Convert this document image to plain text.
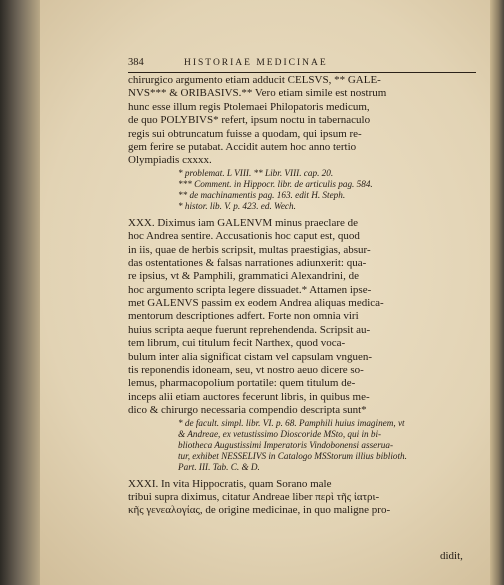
384	HISTORIAE MEDICINAE
chirurgico argumento etiam adducit CELSVS, ** GALE-
NVS*** & ORIBASIVS.** Vero etiam simile est nostrum
hunc esse illum regis Ptolemaei Philopatoris medicum,
de quo POLYBIVS* refert, ipsum noctu in tabernaculo
regis sui obtruncatum fuisse a quodam, qui ipsum re-
gem ferire se putabat. Accidit autem hoc anno tertio
Olympiadis cxxxx.
* problemat. L VIII. ** Libr. VIII. cap. 20.
*** Comment. in Hippocr. libr. de articulis pag. 584.
** de machinamentis pag. 163. edit H. Steph.
* histor. lib. V. p. 423. ed. Wech.
XXX. Diximus iam GALENVM minus praeclare de
hoc Andrea sentire. Accusationis hoc caput est, quod
in iis, quae de herbis scripsit, multas praestigias, absur-
das ostentationes & falsas narrationes adiunxerit: qua-
re ipsius, vt & Pamphili, grammatici Alexandrini, de
hoc argumento scripta legere dissuadet.* Attamen ipse-
met GALENVS passim ex eodem Andrea aliquas medica-
mentorum descriptiones adfert. Forte non omnia viri
huius scripta aeque fuerunt reprehendenda. Scripsit au-
tem librum, cui titulum fecit Narthex, quod voca-
bulum inter alia significat cistam vel capsulam vnguen-
tis reponendis idoneam, seu, vt nostro aeuo dicere so-
lemus, pharmacopolium portatile: quem titulum de-
inceps alii etiam auctores fecerunt libris, in quibus me-
dico & chirurgo necessaria compendio descripta sunt*
* de facult. simpl. libr. VI. p. 68. Pamphili huius imaginem, vt
& Andreae, ex vetustissimo Dioscoride MSto, qui in bi-
bliotheca Augustissimi Imperatoris Vindobonensi asserua-
tur, exhibet NESSELIVS in Catalogo MSStorum illius biblioth.
Part. III. Tab. C. & D.
XXXI. In vita Hippocratis, quam Sorano male
tribui supra diximus, citatur Andreae liber περὶ τῆς ἰατρι-
κῆς γενεαλογίας, de origine medicinae, in quo maligne pro-
didit,
